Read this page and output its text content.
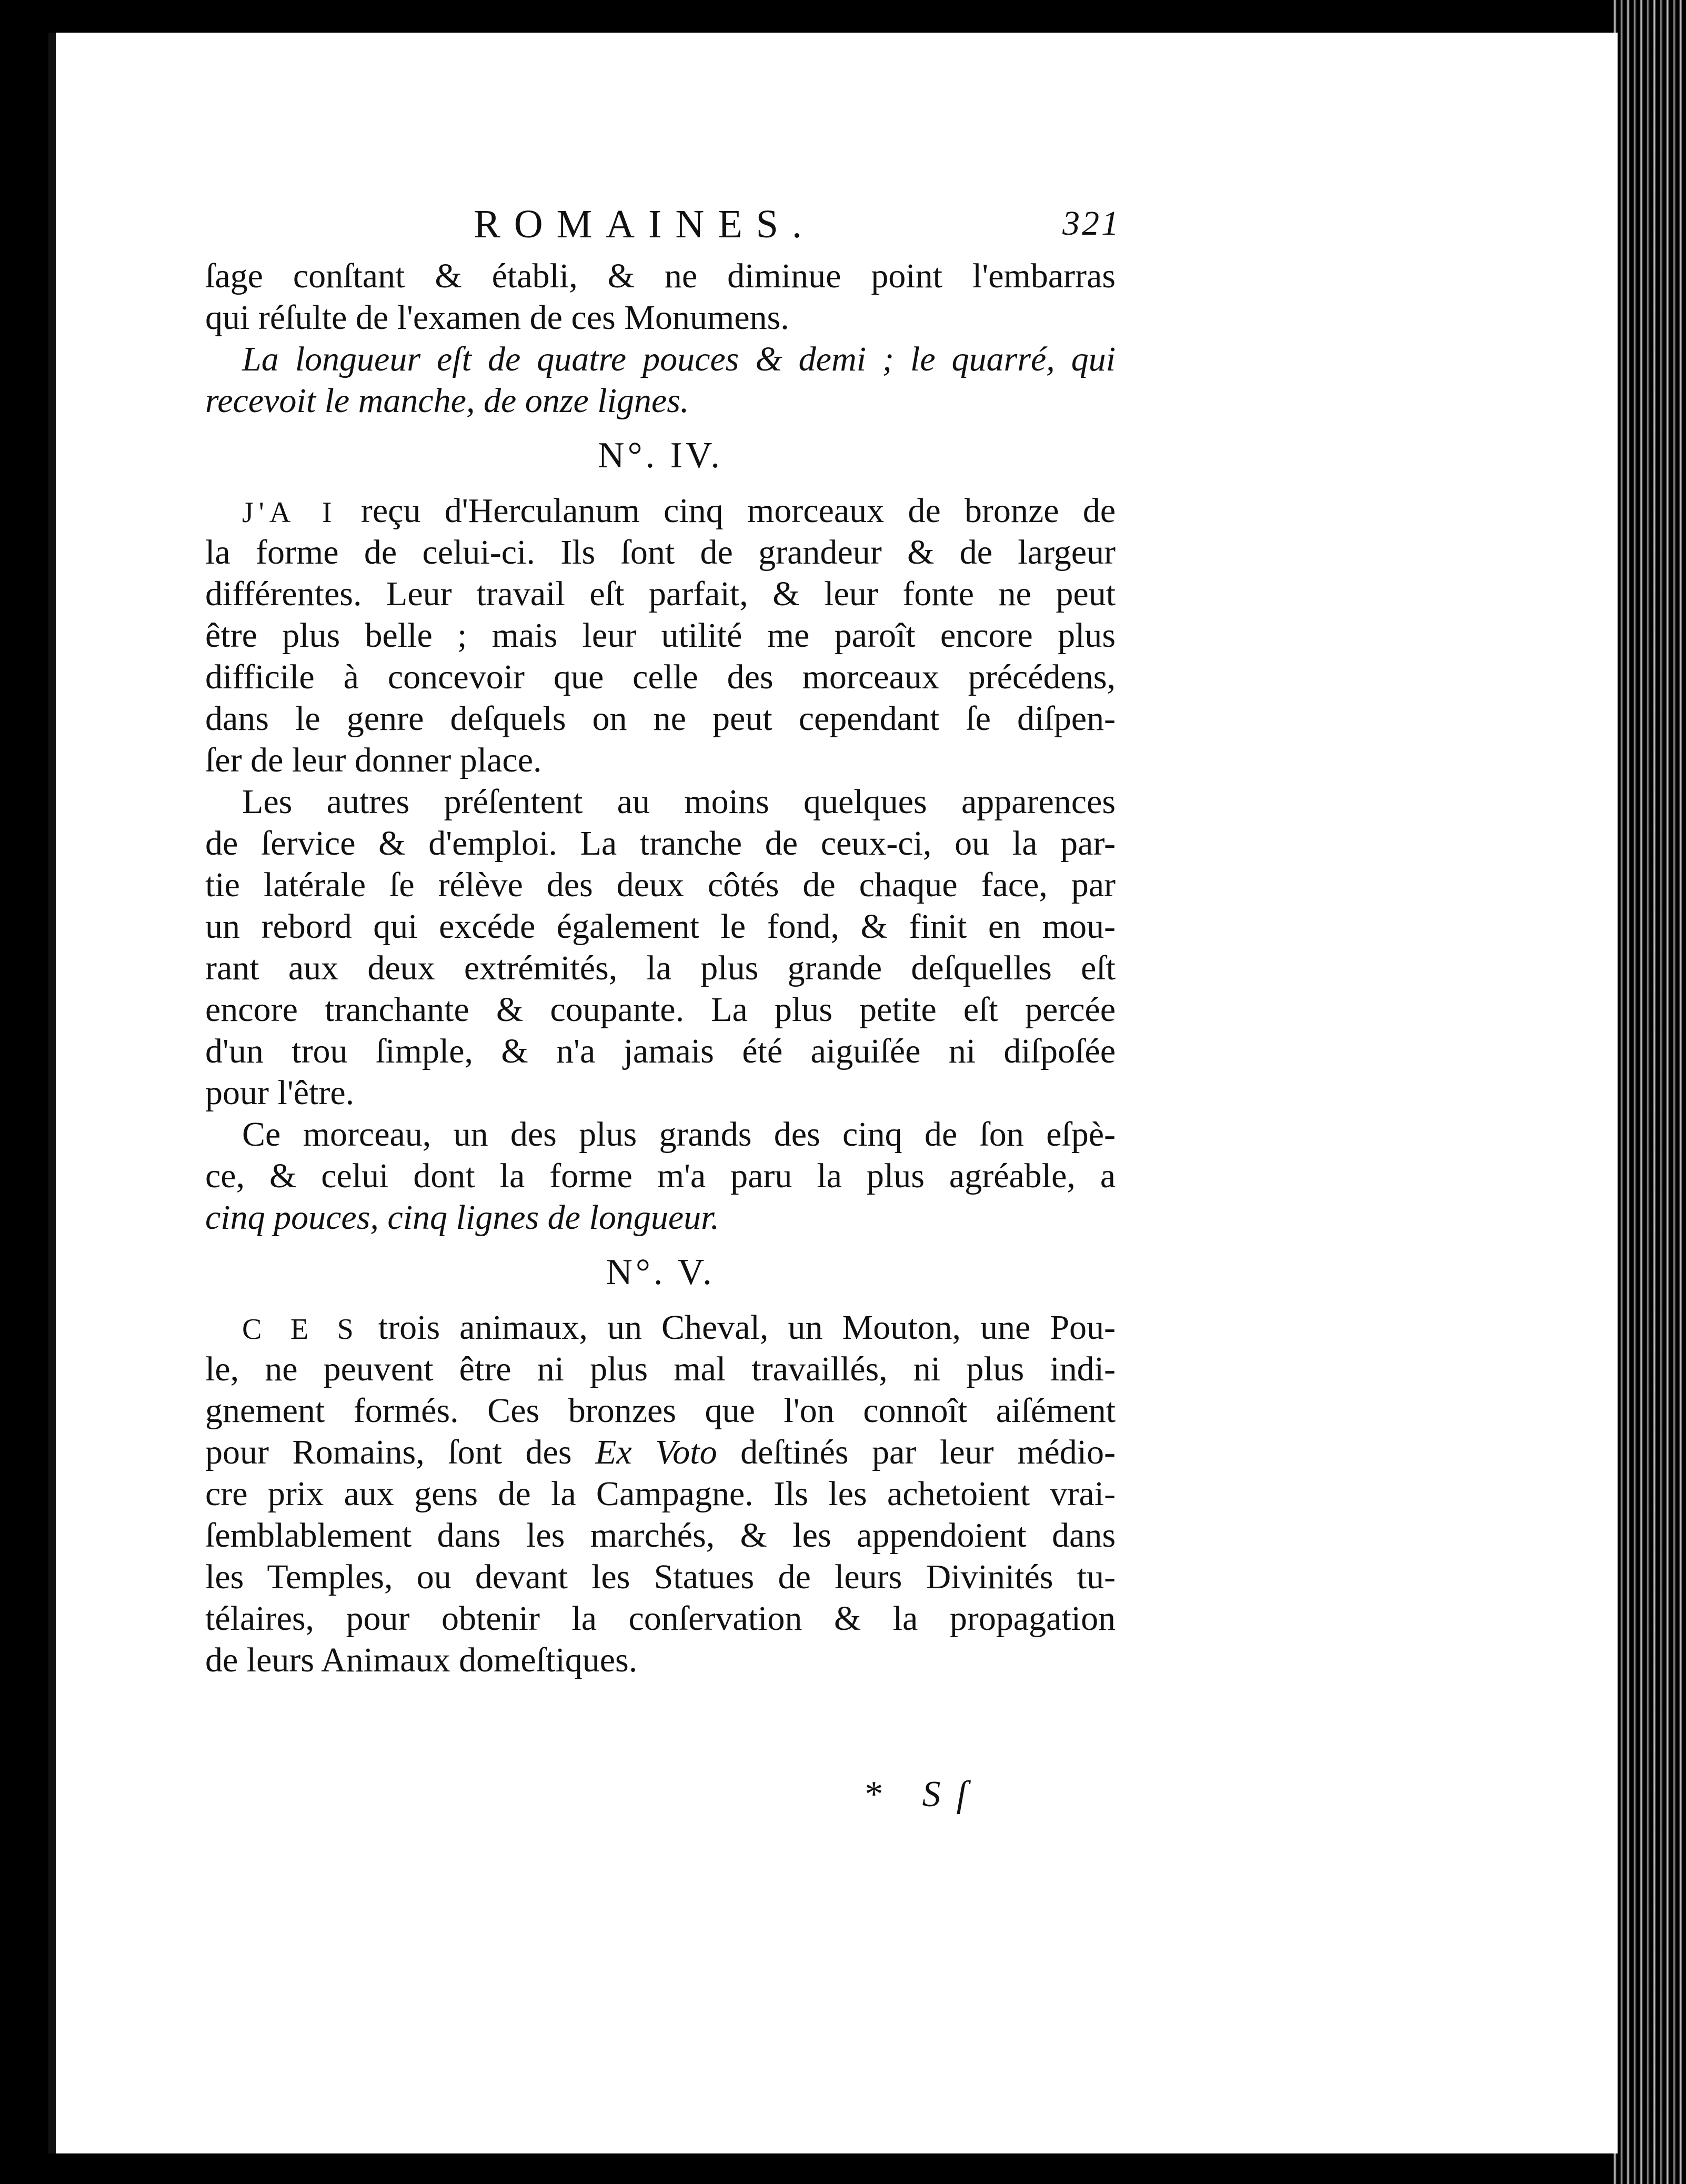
ROMAINES.	321
ſage conſtant & établi, & ne diminue point l'embarras
qui réſulte de l'examen de ces Monumens.
La longueur eſt de quatre pouces & demi ; le quarré, qui
recevoit le manche, de onze lignes.
N°. IV.
J'A I reçu d'Herculanum cinq morceaux de bronze de
la forme de celui-ci. Ils ſont de grandeur & de largeur
différentes. Leur travail eſt parfait, & leur fonte ne peut
être plus belle ; mais leur utilité me paroît encore plus
difficile à concevoir que celle des morceaux précédens,
dans le genre deſquels on ne peut cependant ſe diſpen-
ſer de leur donner place.
Les autres préſentent au moins quelques apparences
de ſervice & d'emploi. La tranche de ceux-ci, ou la par-
tie latérale ſe rélève des deux côtés de chaque face, par
un rebord qui excéde également le fond, & finit en mou-
rant aux deux extrémités, la plus grande deſquelles eſt
encore tranchante & coupante. La plus petite eſt percée
d'un trou ſimple, & n'a jamais été aiguiſée ni diſpoſée
pour l'être.
Ce morceau, un des plus grands des cinq de ſon eſpè-
ce, & celui dont la forme m'a paru la plus agréable, a
cinq pouces, cinq lignes de longueur.
N°. V.
C E S trois animaux, un Cheval, un Mouton, une Pou-
le, ne peuvent être ni plus mal travaillés, ni plus indi-
gnement formés. Ces bronzes que l'on connoît aiſément
pour Romains, ſont des Ex Voto deſtinés par leur médio-
cre prix aux gens de la Campagne. Ils les achetoient vrai-
ſemblablement dans les marchés, & les appendoient dans
les Temples, ou devant les Statues de leurs Divinités tu-
télaires, pour obtenir la conſervation & la propagation
de leurs Animaux domeſtiques.
* Sſ
